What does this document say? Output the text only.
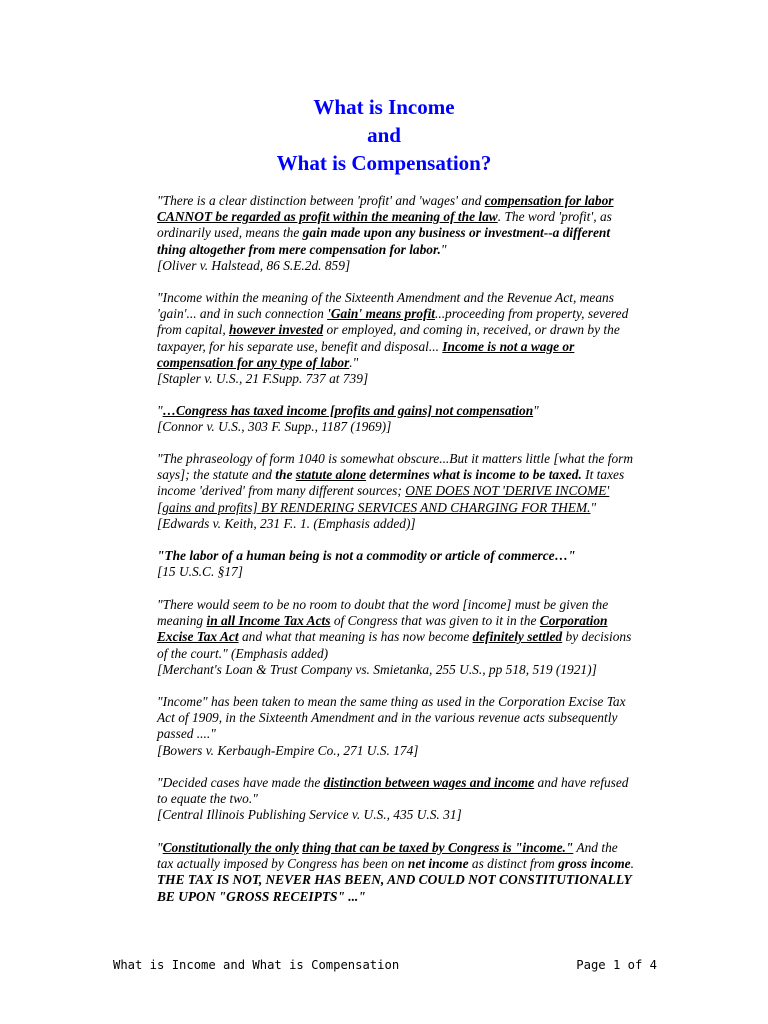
What is Income
and
What is Compensation?
"There is a clear distinction between 'profit' and 'wages' and compensation for labor CANNOT be regarded as profit within the meaning of the law. The word 'profit', as ordinarily used, means the gain made upon any business or investment--a different thing altogether from mere compensation for labor."
[Oliver v. Halstead, 86 S.E.2d. 859]
"Income within the meaning of the Sixteenth Amendment and the Revenue Act, means 'gain'... and in such connection 'Gain' means profit...proceeding from property, severed from capital, however invested or employed, and coming in, received, or drawn by the taxpayer, for his separate use, benefit and disposal... Income is not a wage or compensation for any type of labor."
[Stapler v. U.S., 21 F.Supp. 737 at 739]
"…Congress has taxed income [profits and gains] not compensation"
[Connor v. U.S., 303 F. Supp., 1187 (1969)]
"The phraseology of form 1040 is somewhat obscure...But it matters little [what the form says]; the statute and the statute alone determines what is income to be taxed. It taxes income 'derived' from many different sources; ONE DOES NOT 'DERIVE INCOME' [gains and profits] BY RENDERING SERVICES AND CHARGING FOR THEM."
[Edwards v. Keith, 231 F.. 1. (Emphasis added)]
"The labor of a human being is not a commodity or article of commerce…"
[15 U.S.C. §17]
"There would seem to be no room to doubt that the word [income] must be given the meaning in all Income Tax Acts of Congress that was given to it in the Corporation Excise Tax Act and what that meaning is has now become definitely settled by decisions of the court." (Emphasis added)
[Merchant's Loan & Trust Company vs. Smietanka, 255 U.S., pp 518, 519 (1921)]
"Income" has been taken to mean the same thing as used in the Corporation Excise Tax Act of 1909, in the Sixteenth Amendment and in the various revenue acts subsequently passed ...."
[Bowers v. Kerbaugh-Empire Co., 271 U.S. 174]
"Decided cases have made the distinction between wages and income and have refused to equate the two."
[Central Illinois Publishing Service v. U.S., 435 U.S. 31]
"Constitutionally the only thing that can be taxed by Congress is "income." And the tax actually imposed by Congress has been on net income as distinct from gross income.
THE TAX IS NOT, NEVER HAS BEEN, AND COULD NOT CONSTITUTIONALLY BE UPON "GROSS RECEIPTS" ..."
What is Income and What is Compensation	Page 1 of 4
